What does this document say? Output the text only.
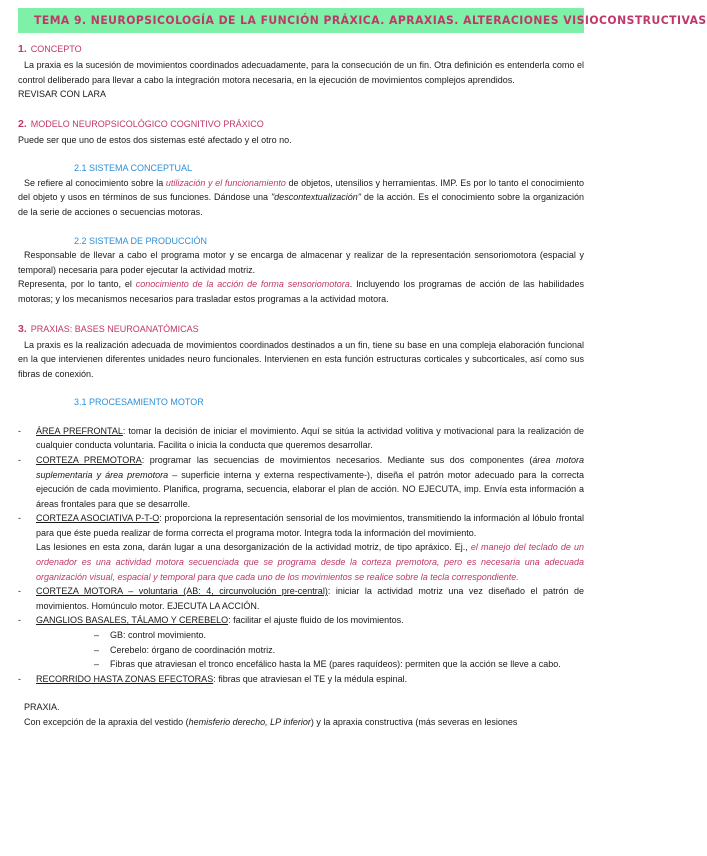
TEMA 9. NEUROPSICOLOGÍA DE LA FUNCIÓN PRÁXICA. APRAXIAS. ALTERACIONES VISIOCONSTRUCTIVAS
1. CONCEPTO

La praxia es la sucesión de movimientos coordinados adecuadamente, para la consecución de un fin. Otra definición es entenderla como el control deliberado para llevar a cabo la integración motora necesaria, en la ejecución de movimientos complejos aprendidos.

REVISAR CON LARA

2. MODELO NEUROPSICOLÓGICO COGNITIVO PRÁXICO

Puede ser que uno de estos dos sistemas esté afectado y el otro no.

2.1 SISTEMA CONCEPTUAL

Se refiere al conocimiento sobre la utilización y el funcionamiento de objetos, utensilios y herramientas. IMP. Es por lo tanto el conocimiento del objeto y usos en términos de sus funciones. Dándose una "descontextualización" de la acción. Es el conocimiento sobre la organización de la serie de acciones o secuencias motoras.

2.2 SISTEMA DE PRODUCCIÓN

Responsable de llevar a cabo el programa motor y se encarga de almacenar y realizar de la representación sensoriomotora (espacial y temporal) necesaria para poder ejecutar la actividad motriz.

Representa, por lo tanto, el conocimiento de la acción de forma sensoriomotora. Incluyendo los programas de acción de las habilidades motoras; y los mecanismos necesarios para trasladar estos programas a la actividad motora.

3. PRAXIAS: BASES NEUROANATÓMICAS

La praxis es la realización adecuada de movimientos coordinados destinados a un fin, tiene su base en una compleja elaboración funcional en la que intervienen diferentes unidades neuro funcionales. Intervienen en esta función estructuras corticales y subcorticales, así como sus fibras de conexión.

3.1 PROCESAMIENTO MOTOR
- ÁREA PREFRONTAL: tomar la decisión de iniciar el movimiento. Aquí se sitúa la actividad volitiva y motivacional para la realización de cualquier conducta voluntaria. Facilita o inicia la conducta que queremos desarrollar.
- CORTEZA PREMOTORA: programar las secuencias de movimientos necesarios. Mediante sus dos componentes (área motora suplementaria y área premotora – superficie interna y externa respectivamente-), diseña el patrón motor adecuado para la correcta ejecución de cada movimiento. Planifica, programa, secuencia, elaborar el plan de acción. NO EJECUTA, imp. Envía esta información a áreas frontales para que se desarrolle.
- CORTEZA ASOCIATIVA P-T-O: proporciona la representación sensorial de los movimientos, transmitiendo la información al lóbulo frontal para que éste pueda realizar de forma correcta el programa motor. Integra toda la información del movimiento.
Las lesiones en esta zona, darán lugar a una desorganización de la actividad motriz, de tipo apráxico. Ej., el manejo del teclado de un ordenador es una actividad motora secuenciada que se programa desde la corteza premotora, pero es necesaria una adecuada organización visual, espacial y temporal para que cada uno de los movimientos se realice sobre la tecla correspondiente.
- CORTEZA MOTORA – voluntaria (AB: 4, circunvolución pre-central): iniciar la actividad motriz una vez diseñado el patrón de movimientos. Homúnculo motor. EJECUTA LA ACCIÓN.
- GANGLIOS BASALES, TÁLAMO Y CEREBELO: facilitar el ajuste fluido de los movimientos.
– GB: control movimiento.
– Cerebelo: órgano de coordinación motriz.
– Fibras que atraviesan el tronco encefálico hasta la ME (pares raquídeos): permiten que la acción se lleve a cabo.
- RECORRIDO HASTA ZONAS EFECTORAS: fibras que atraviesan el TE y la médula espinal.

PRAXIA.

Con excepción de la apraxia del vestido (hemisferio derecho, LP inferior) y la apraxia constructiva (más severas en lesiones
